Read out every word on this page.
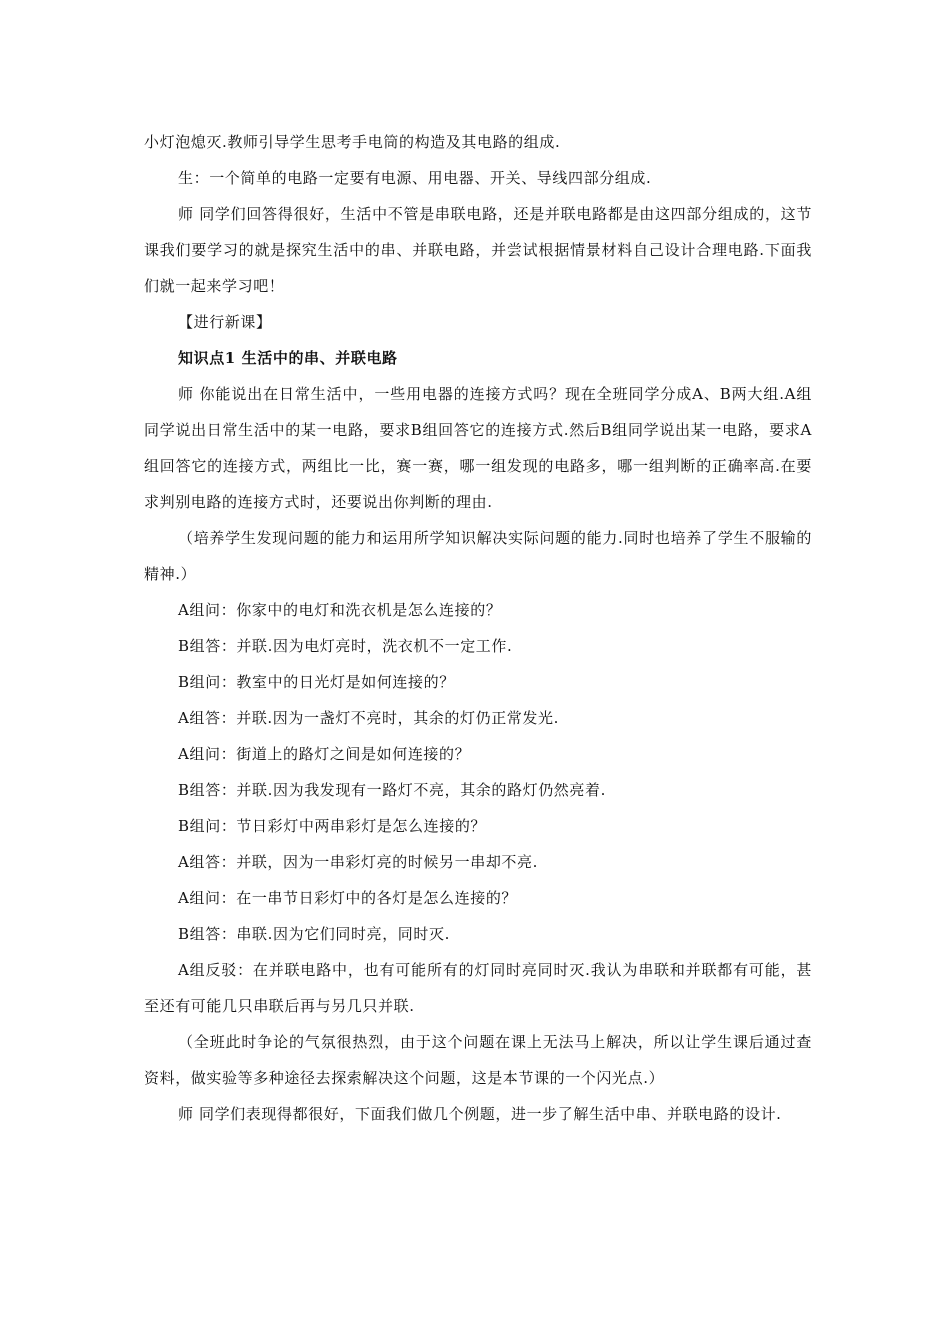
小灯泡熄灭.教师引导学生思考手电筒的构造及其电路的组成.

生：一个简单的电路一定要有电源、用电器、开关、导线四部分组成.

师 同学们回答得很好，生活中不管是串联电路，还是并联电路都是由这四部分组成的，这节课我们要学习的就是探究生活中的串、并联电路，并尝试根据情景材料自己设计合理电路.下面我们就一起来学习吧！

【进行新课】

知识点1 生活中的串、并联电路

师 你能说出在日常生活中，一些用电器的连接方式吗？现在全班同学分成A、B两大组.A组同学说出日常生活中的某一电路，要求B组回答它的连接方式.然后B组同学说出某一电路，要求A组回答它的连接方式，两组比一比，赛一赛，哪一组发现的电路多，哪一组判断的正确率高.在要求判别电路的连接方式时，还要说出你判断的理由.

（培养学生发现问题的能力和运用所学知识解决实际问题的能力.同时也培养了学生不服输的精神.）

A组问：你家中的电灯和洗衣机是怎么连接的？

B组答：并联.因为电灯亮时，洗衣机不一定工作.

B组问：教室中的日光灯是如何连接的？

A组答：并联.因为一盏灯不亮时，其余的灯仍正常发光.

A组问：街道上的路灯之间是如何连接的？

B组答：并联.因为我发现有一路灯不亮，其余的路灯仍然亮着.

B组问：节日彩灯中两串彩灯是怎么连接的？

A组答：并联，因为一串彩灯亮的时候另一串却不亮.

A组问：在一串节日彩灯中的各灯是怎么连接的？

B组答：串联.因为它们同时亮，同时灭.

A组反驳：在并联电路中，也有可能所有的灯同时亮同时灭.我认为串联和并联都有可能，甚至还有可能几只串联后再与另几只并联.

（全班此时争论的气氛很热烈，由于这个问题在课上无法马上解决，所以让学生课后通过查资料，做实验等多种途径去探索解决这个问题，这是本节课的一个闪光点.）

师 同学们表现得都很好，下面我们做几个例题，进一步了解生活中串、并联电路的设计.
